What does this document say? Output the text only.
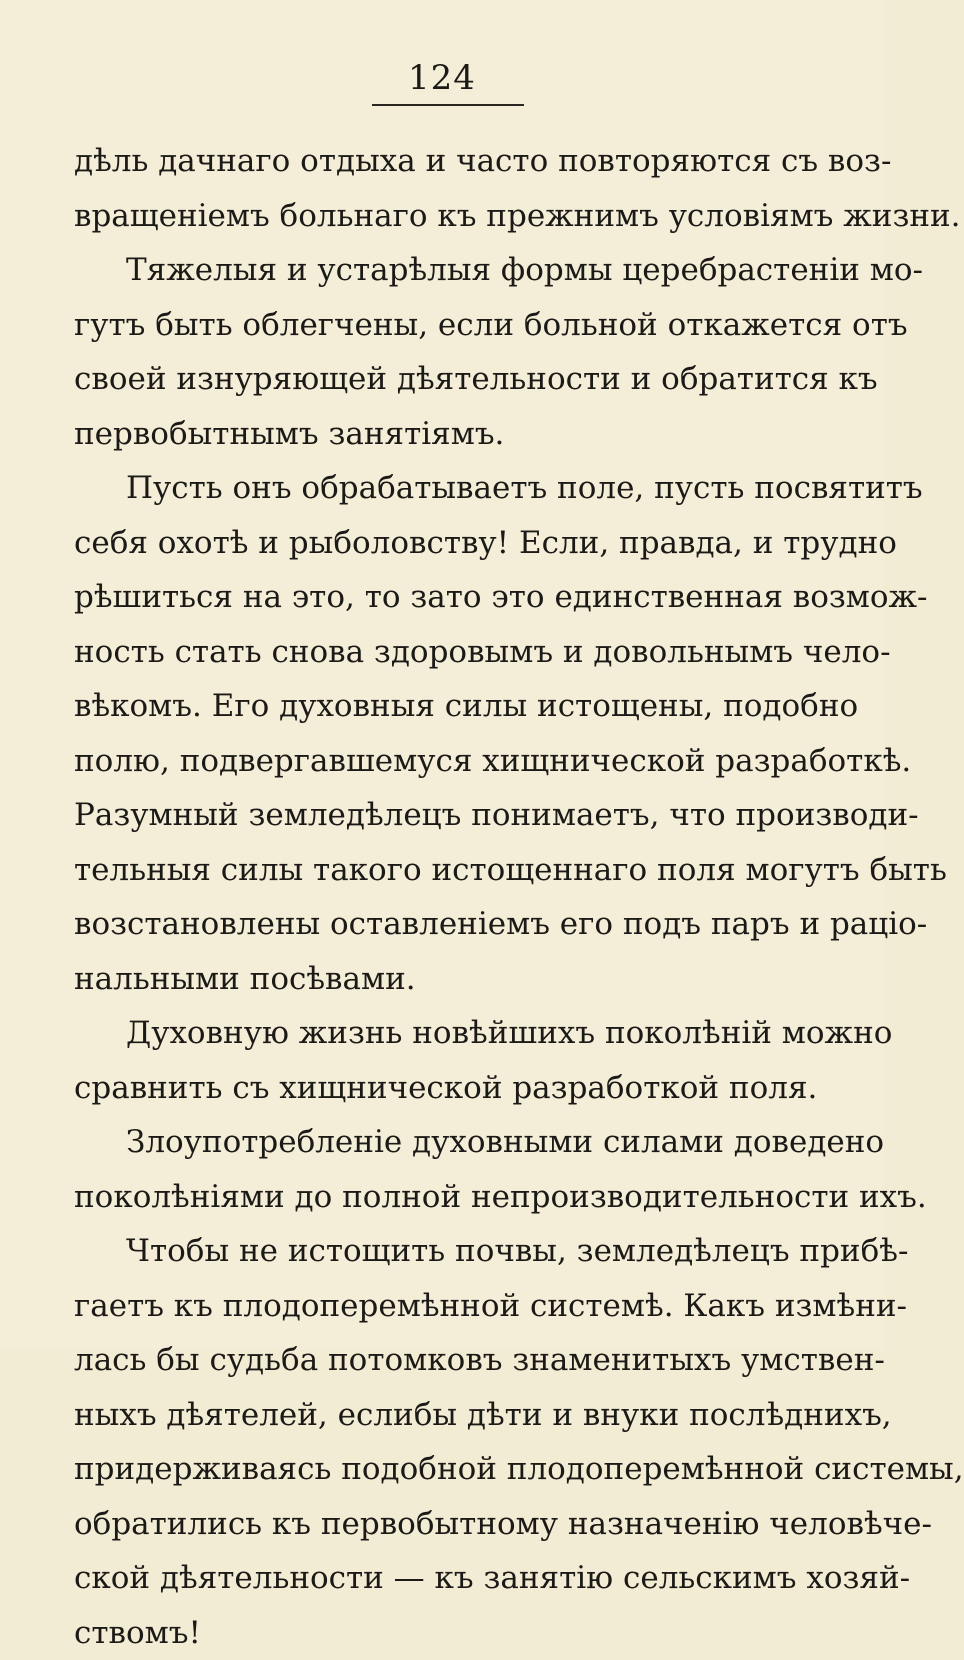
124
дѣль дачнаго отдыха и часто повторяются съ воз-
вращеніемъ больнаго къ прежнимъ условіямъ жизни.
Тяжелыя и устарѣлыя формы церебрастеніи мо-
гутъ быть облегчены, если больной откажется отъ
своей изнуряющей дѣятельности и обратится къ
первобытнымъ занятіямъ.
Пусть онъ обрабатываетъ поле, пусть посвятитъ
себя охотѣ и рыболовству! Если, правда, и трудно
рѣшиться на это, то зато это единственная возмож-
ность стать снова здоровымъ и довольнымъ чело-
вѣкомъ. Его духовныя силы истощены, подобно
полю, подвергавшемуся хищнической разработкѣ.
Разумный земледѣлецъ понимаетъ, что производи-
тельныя силы такого истощеннаго поля могутъ быть
возстановлены оставленіемъ его подъ паръ и раціо-
нальными посѣвами.
Духовную жизнь новѣйшихъ поколѣній можно
сравнить съ хищнической разработкой поля.
Злоупотребленіе духовными силами доведено
поколѣніями до полной непроизводительности ихъ.
Чтобы не истощить почвы, земледѣлецъ прибѣ-
гаетъ къ плодоперемѣнной системѣ. Какъ измѣни-
лась бы судьба потомковъ знаменитыхъ умствен-
ныхъ дѣятелей, еслибы дѣти и внуки послѣднихъ,
придерживаясь подобной плодоперемѣнной системы,
обратились къ первобытному назначенію человѣче-
ской дѣятельности — къ занятію сельскимъ хозяй-
ствомъ!
